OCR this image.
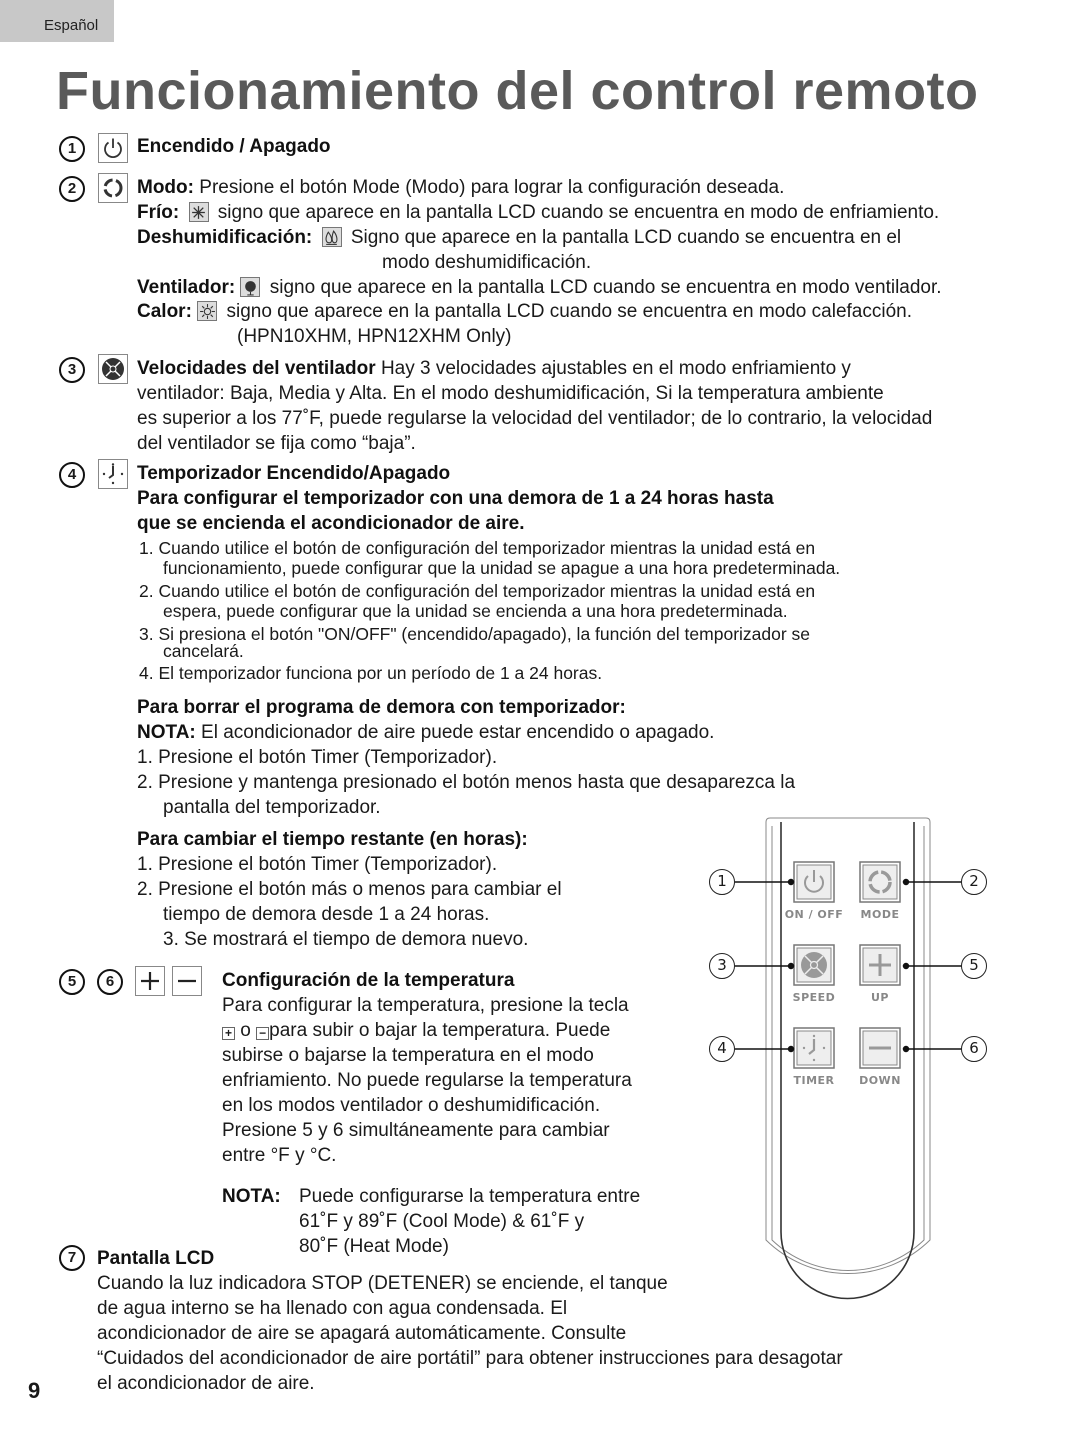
Español
Funcionamiento del control remoto
1	Encendido / Apagado
2	Modo: Presione el botón Mode (Modo) para lograr la configuración deseada.
Frío: signo que aparece en la pantalla LCD cuando se encuentra en modo de enfriamiento.
Deshumidificación: Signo que aparece en la pantalla LCD cuando se encuentra en el
modo deshumidificación.
Ventilador: signo que aparece en la pantalla LCD cuando se encuentra en modo ventilador.
Calor: signo que aparece en la pantalla LCD cuando se encuentra en modo calefacción.
(HPN10XHM, HPN12XHM Only)
3	Velocidades del ventilador Hay 3 velocidades ajustables en el modo enfriamiento y
ventilador: Baja, Media y Alta. En el modo deshumidificación, Si la temperatura ambiente
es superior a los 77˚F, puede regularse la velocidad del ventilador; de lo contrario, la velocidad
del ventilador se fija como “baja”.
4	Temporizador Encendido/Apagado
Para configurar el temporizador con una demora de 1 a 24 horas hasta
que se encienda el acondicionador de aire.
1. Cuando utilice el botón de configuración del temporizador mientras la unidad está en
funcionamiento, puede configurar que la unidad se apague a una hora predeterminada.
2. Cuando utilice el botón de configuración del temporizador mientras la unidad está en
espera, puede configurar que la unidad se encienda a una hora predeterminada.
3. Si presiona el botón "ON/OFF" (encendido/apagado), la función del temporizador se
cancelará.
4. El temporizador funciona por un período de 1 a 24 horas.
Para borrar el programa de demora con temporizador:
NOTA: El acondicionador de aire puede estar encendido o apagado.
1. Presione el botón Timer (Temporizador).
2. Presione y mantenga presionado el botón menos hasta que desaparezca la
pantalla del temporizador.
Para cambiar el tiempo restante (en horas):
1. Presione el botón Timer (Temporizador).
2. Presione el botón más o menos para cambiar el
tiempo de demora desde 1 a 24 horas.
3. Se mostrará el tiempo de demora nuevo.
5	6	Configuración de la temperatura
Para configurar la temperatura, presione la tecla
+ o − para subir o bajar la temperatura. Puede
subirse o bajarse la temperatura en el modo
enfriamiento. No puede regularse la temperatura
en los modos ventilador o deshumidificación.
Presione 5 y 6 simultáneamente para cambiar
entre °F y °C.
NOTA: Puede configurarse la temperatura entre
61˚F y 89˚F (Cool Mode) & 61˚F y
80˚F (Heat Mode)
7	Pantalla LCD
Cuando la luz indicadora STOP (DETENER) se enciende, el tanque
de agua interno se ha llenado con agua condensada. El
acondicionador de aire se apagará automáticamente. Consulte
“Cuidados del acondicionador de aire portátil” para obtener instrucciones para desagotar
el acondicionador de aire.
9
ON / OFF	MODE
SPEED	UP
TIMER	DOWN
1	2
3	5
4	6
